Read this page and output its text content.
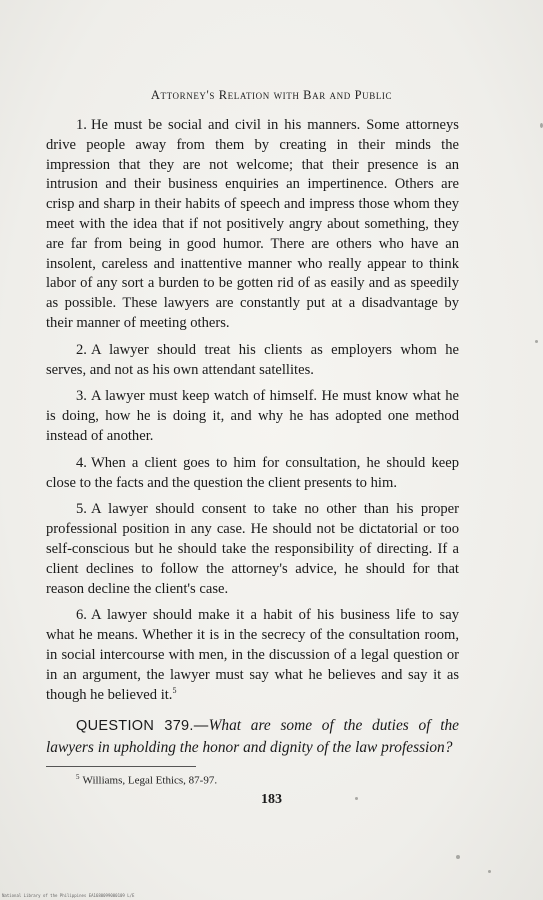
Attorney's Relation with Bar and Public

1. He must be social and civil in his manners. Some attorneys drive people away from them by creating in their minds the impression that they are not welcome; that their presence is an intrusion and their business enquiries an impertinence. Others are crisp and sharp in their habits of speech and impress those whom they meet with the idea that if not positively angry about something, they are far from being in good humor. There are others who have an insolent, careless and inattentive manner who really appear to think labor of any sort a burden to be gotten rid of as easily and as speedily as possible. These lawyers are constantly put at a disadvantage by their manner of meeting others.

2. A lawyer should treat his clients as employers whom he serves, and not as his own attendant satellites.

3. A lawyer must keep watch of himself. He must know what he is doing, how he is doing it, and why he has adopted one method instead of another.

4. When a client goes to him for consultation, he should keep close to the facts and the question the client presents to him.

5. A lawyer should consent to take no other than his proper professional position in any case. He should not be dictatorial or too self-conscious but he should take the responsibility of directing. If a client declines to follow the attorney's advice, he should for that reason decline the client's case.

6. A lawyer should make it a habit of his business life to say what he means. Whether it is in the secrecy of the consultation room, in social intercourse with men, in the discussion of a legal question or in an argument, the lawyer must say what he believes and say it as though he believed it.$^5$

QUESTION 379.—What are some of the duties of the lawyers in upholding the honor and dignity of the law profession?

$^5$ Williams, Legal Ethics, 87-97.
183
National Library of the Philippines EA1680099000109 L/E
